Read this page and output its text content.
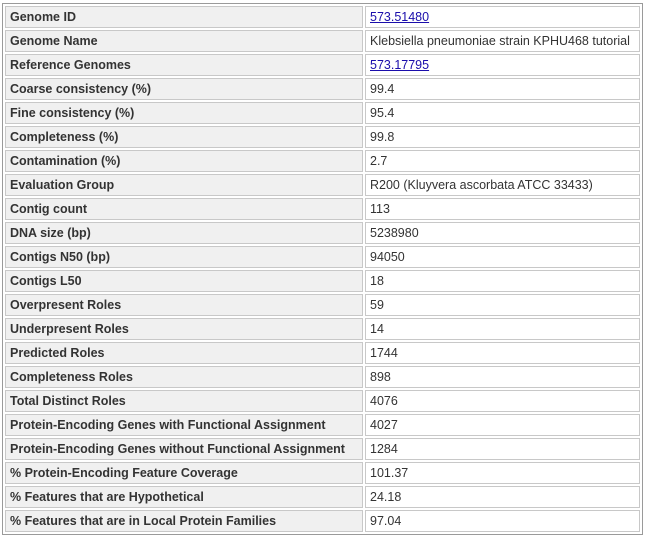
Genome ID	573.51480
Genome Name	Klebsiella pneumoniae strain KPHU468 tutorial
Reference Genomes	573.17795
Coarse consistency (%)	99.4
Fine consistency (%)	95.4
Completeness (%)	99.8
Contamination (%)	2.7
Evaluation Group	R200 (Kluyvera ascorbata ATCC 33433)
Contig count	113
DNA size (bp)	5238980
Contigs N50 (bp)	94050
Contigs L50	18
Overpresent Roles	59
Underpresent Roles	14
Predicted Roles	1744
Completeness Roles	898
Total Distinct Roles	4076
Protein-Encoding Genes with Functional Assignment	4027
Protein-Encoding Genes without Functional Assignment	1284
% Protein-Encoding Feature Coverage	101.37
% Features that are Hypothetical	24.18
% Features that are in Local Protein Families	97.04
